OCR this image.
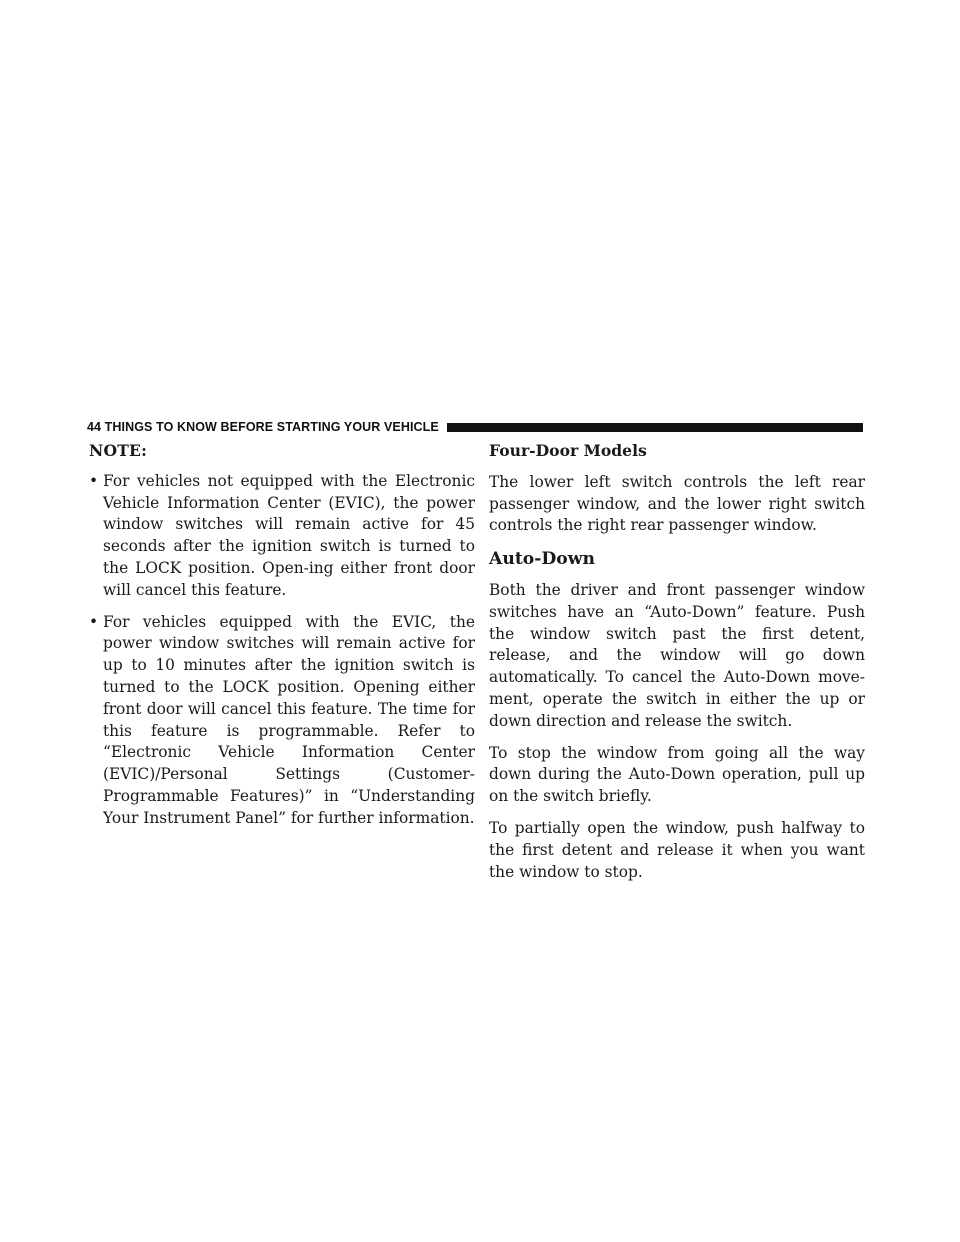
44 THINGS TO KNOW BEFORE STARTING YOUR VEHICLE
NOTE:
• For vehicles not equipped with the Electronic Vehicle Information Center (EVIC), the power window switches will remain active for 45 seconds after the ignition switch is turned to the LOCK position. Open-ing either front door will cancel this feature.
• For vehicles equipped with the EVIC, the power window switches will remain active for up to 10 minutes after the ignition switch is turned to the LOCK position. Opening either front door will cancel this feature. The time for this feature is programmable. Refer to “Electronic Vehicle Information Center (EVIC)/Personal Settings (Customer-Programmable Features)” in “Understanding Your Instrument Panel” for further information.
Four-Door Models

The lower left switch controls the left rear passenger window, and the lower right switch controls the right rear passenger window.

Auto-Down

Both the driver and front passenger window switches have an “Auto-Down” feature. Push the window switch past the first detent, release, and the window will go down automatically. To cancel the Auto-Down move-ment, operate the switch in either the up or down direction and release the switch.

To stop the window from going all the way down during the Auto-Down operation, pull up on the switch briefly.

To partially open the window, push halfway to the first detent and release it when you want the window to stop.
